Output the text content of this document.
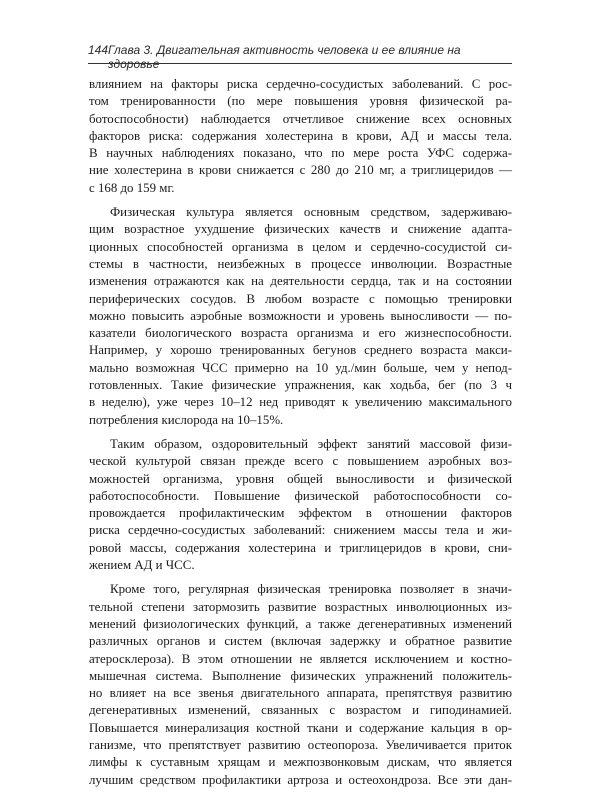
144 Глава 3. Двигательная активность человека и ее влияние на здоровье
влиянием на факторы риска сердечно-сосудистых заболеваний. С рос-
том тренированности (по мере повышения уровня физической ра-
ботоспособности) наблюдается отчетливое снижение всех основных
факторов риска: содержания холестерина в крови, АД и массы тела.
В научных наблюдениях показано, что по мере роста УФС содержа-
ние холестерина в крови снижается с 280 до 210 мг, а триглицеридов —
с 168 до 159 мг.
Физическая культура является основным средством, задерживаю-
щим возрастное ухудшение физических качеств и снижение адапта-
ционных способностей организма в целом и сердечно-сосудистой си-
стемы в частности, неизбежных в процессе инволюции. Возрастные
изменения отражаются как на деятельности сердца, так и на состоянии
периферических сосудов. В любом возрасте с помощью тренировки
можно повысить аэробные возможности и уровень выносливости — по-
казатели биологического возраста организма и его жизнеспособности.
Например, у хорошо тренированных бегунов среднего возраста макси-
мально возможная ЧСС примерно на 10 уд./мин больше, чем у непод-
готовленных. Такие физические упражнения, как ходьба, бег (по 3 ч
в неделю), уже через 10–12 нед приводят к увеличению максимального
потребления кислорода на 10–15%.
Таким образом, оздоровительный эффект занятий массовой физи-
ческой культурой связан прежде всего с повышением аэробных воз-
можностей организма, уровня общей выносливости и физической
работоспособности. Повышение физической работоспособности со-
провождается профилактическим эффектом в отношении факторов
риска сердечно-сосудистых заболеваний: снижением массы тела и жи-
ровой массы, содержания холестерина и триглицеридов в крови, сни-
жением АД и ЧСС.
Кроме того, регулярная физическая тренировка позволяет в значи-
тельной степени затормозить развитие возрастных инволюционных из-
менений физиологических функций, а также дегенеративных изменений
различных органов и систем (включая задержку и обратное развитие
атеросклероза). В этом отношении не является исключением и костно-
мышечная система. Выполнение физических упражнений положитель-
но влияет на все звенья двигательного аппарата, препятствуя развитию
дегенеративных изменений, связанных с возрастом и гиподинамией.
Повышается минерализация костной ткани и содержание кальция в ор-
ганизме, что препятствует развитию остеопороза. Увеличивается приток
лимфы к суставным хрящам и межпозвонковым дискам, что является
лучшим средством профилактики артроза и остеохондроза. Все эти дан-
